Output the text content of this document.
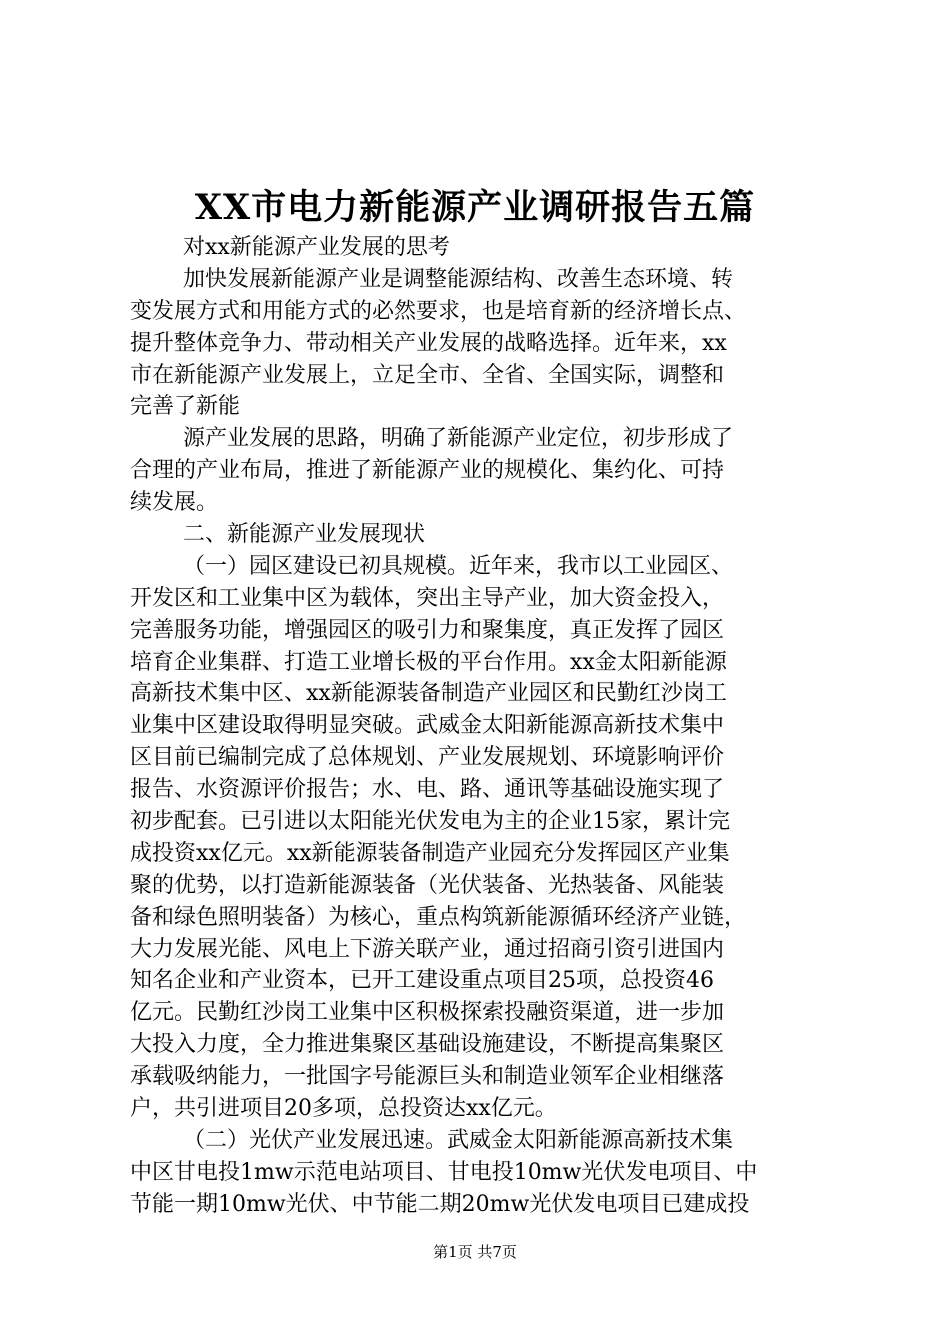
XX市电力新能源产业调研报告五篇
对xx新能源产业发展的思考
加快发展新能源产业是调整能源结构、改善生态环境、转
变发展方式和用能方式的必然要求，也是培育新的经济增长点、
提升整体竞争力、带动相关产业发展的战略选择。近年来，xx
市在新能源产业发展上，立足全市、全省、全国实际，调整和
完善了新能
源产业发展的思路，明确了新能源产业定位，初步形成了
合理的产业布局，推进了新能源产业的规模化、集约化、可持
续发展。
二、新能源产业发展现状
（一）园区建设已初具规模。近年来，我市以工业园区、
开发区和工业集中区为载体，突出主导产业，加大资金投入，
完善服务功能，增强园区的吸引力和聚集度，真正发挥了园区
培育企业集群、打造工业增长极的平台作用。xx金太阳新能源
高新技术集中区、xx新能源装备制造产业园区和民勤红沙岗工
业集中区建设取得明显突破。武威金太阳新能源高新技术集中
区目前已编制完成了总体规划、产业发展规划、环境影响评价
报告、水资源评价报告；水、电、路、通讯等基础设施实现了
初步配套。已引进以太阳能光伏发电为主的企业15家，累计完
成投资xx亿元。xx新能源装备制造产业园充分发挥园区产业集
聚的优势，以打造新能源装备（光伏装备、光热装备、风能装
备和绿色照明装备）为核心，重点构筑新能源循环经济产业链，
大力发展光能、风电上下游关联产业，通过招商引资引进国内
知名企业和产业资本，已开工建设重点项目25项，总投资46
亿元。民勤红沙岗工业集中区积极探索投融资渠道，进一步加
大投入力度，全力推进集聚区基础设施建设，不断提高集聚区
承载吸纳能力，一批国字号能源巨头和制造业领军企业相继落
户，共引进项目20多项，总投资达xx亿元。
（二）光伏产业发展迅速。武威金太阳新能源高新技术集
中区甘电投1mw示范电站项目、甘电投10mw光伏发电项目、中
节能一期10mw光伏、中节能二期20mw光伏发电项目已建成投
第1页 共7页
